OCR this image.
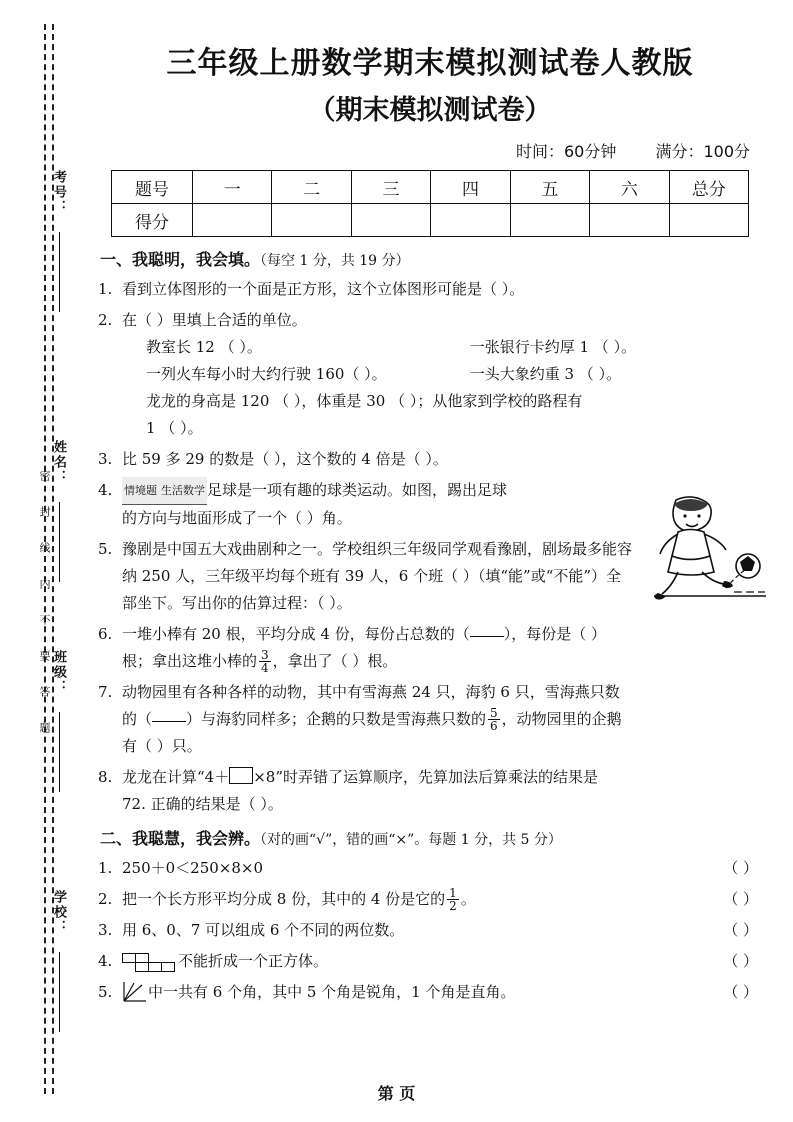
考号：
姓名：
班级：
学校：
密 封 线 内 不 要 答 题
三年级上册数学期末模拟测试卷人教版
（期末模拟测试卷）
时间：60分钟 满分：100分
题号	一	二	三	四	五	六	总分
得分							
一、我聪明，我会填。（每空 1 分，共 19 分）
1. 看到立体图形的一个面是正方形，这个立体图形可能是（ ）。
2. 在（ ）里填上合适的单位。
教室长 12 （ ）。	一张银行卡约厚 1 （ ）。
一列火车每小时大约行驶 160（ ）。	一头大象约重 3 （ ）。
龙龙的身高是 120 （ ），体重是 30 （ ）；从他家到学校的路程有
1 （ ）。
3. 比 59 多 29 的数是（ ），这个数的 4 倍是（ ）。
4. 情境题 生活数学 足球是一项有趣的球类运动。如图，踢出足球
的方向与地面形成了一个（ ）角。
5. 豫剧是中国五大戏曲剧种之一。学校组织三年级同学观看豫剧，剧场最多能容
纳 250 人，三年级平均每个班有 39 人，6 个班（ ）（填“能”或“不能”）全
部坐下。写出你的估算过程：（ ）。
6. 一堆小棒有 20 根，平均分成 4 份，每份占总数的（ ），每份是（ ）
根；拿出这堆小棒的 $\frac{3}{4}$ ，拿出了（ ）根。
7. 动物园里有各种各样的动物，其中有雪海燕 24 只，海豹 6 只，雪海燕只数
的（ ）与海豹同样多；企鹅的只数是雪海燕只数的 $\frac{5}{6}$ ，动物园里的企鹅
有（ ）只。
8. 龙龙在计算“4＋ ×8”时弄错了运算顺序，先算加法后算乘法的结果是
72. 正确的结果是（ ）。
二、我聪慧，我会辨。（对的画“√”，错的画“×”。每题 1 分，共 5 分）
1. 250＋0＜250×8×0	（ ）
2. 把一个长方形平均分成 8 份，其中的 4 份是它的 $\frac{1}{2}$ 。	（ ）
3. 用 6、0、7 可以组成 6 个不同的两位数。	（ ）
4.	不能折成一个正方体。	（ ）
5. 中一共有 6 个角，其中 5 个角是锐角，1 个角是直角。	（ ）
第 页
